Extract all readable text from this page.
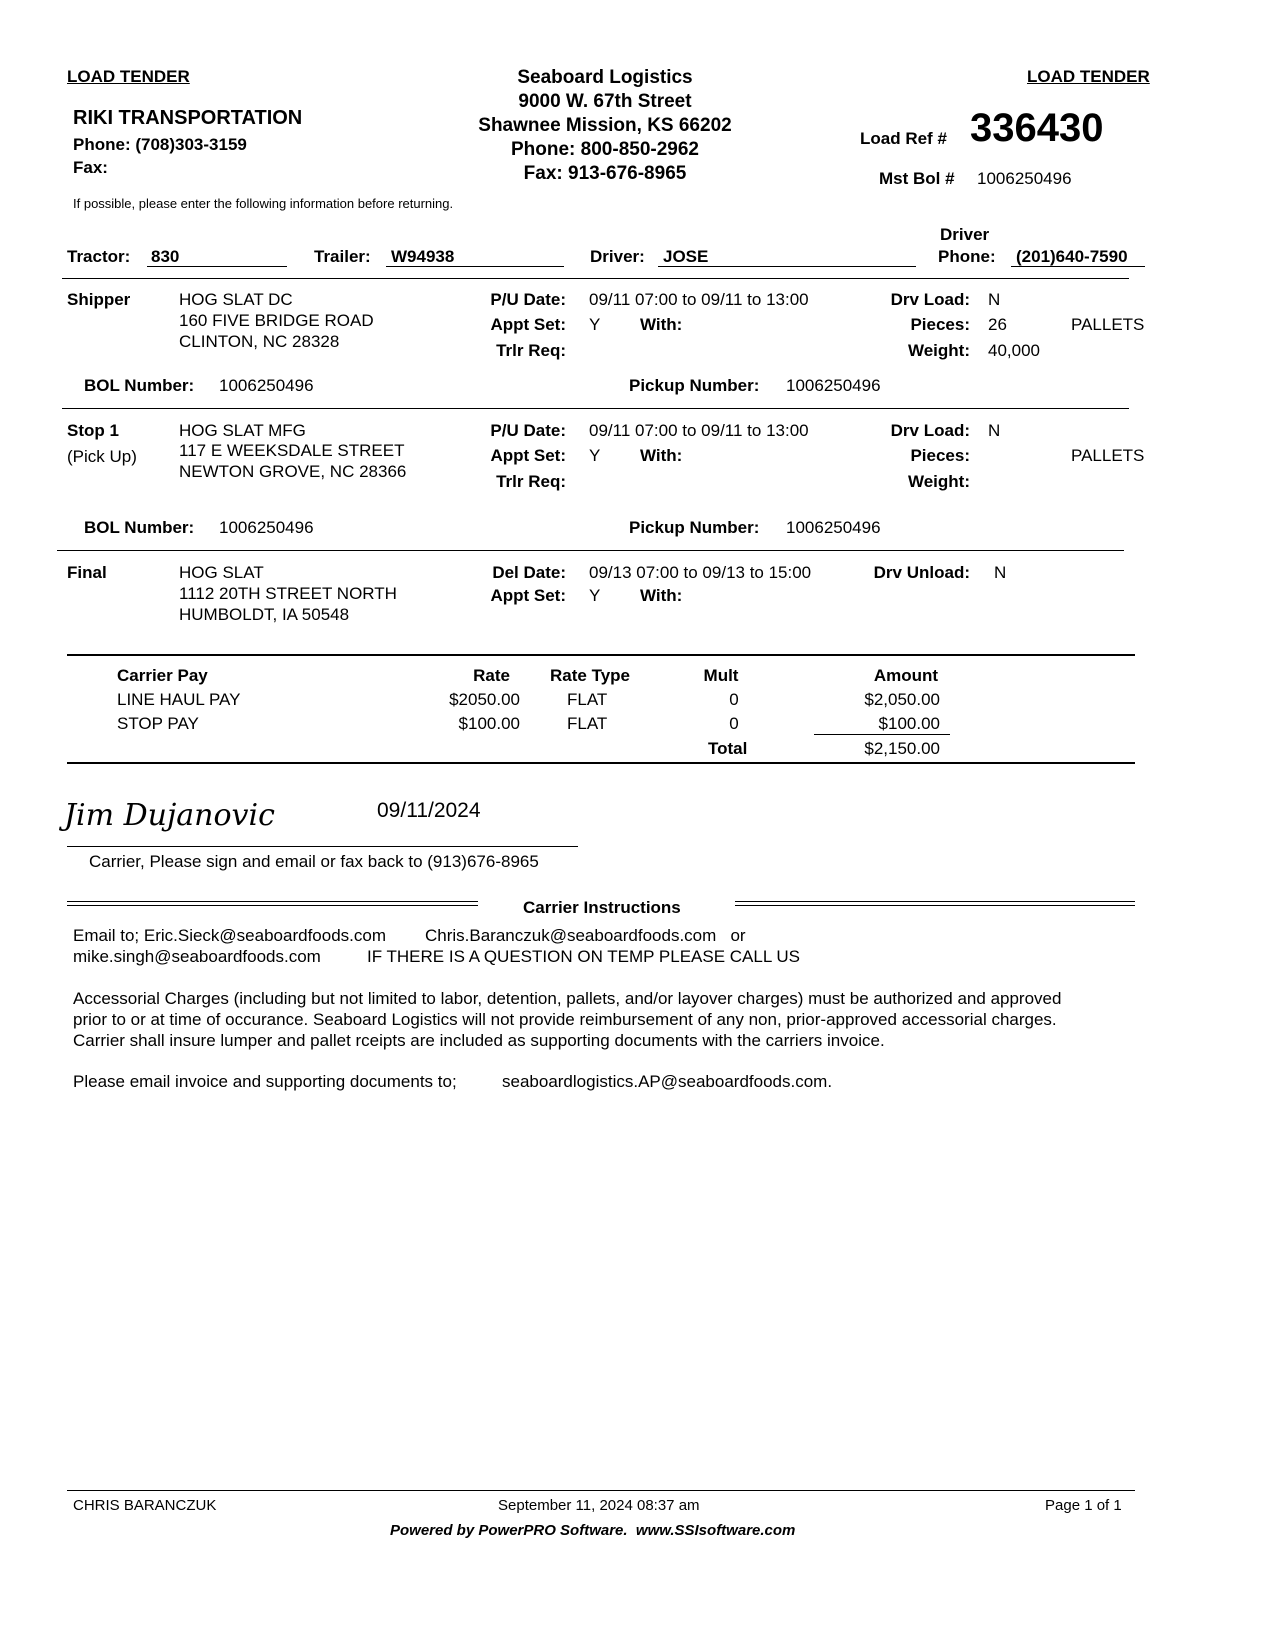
LOAD TENDER	LOAD TENDER
RIKI TRANSPORTATION
Phone: (708)303-3159
Fax:
Seaboard Logistics
9000 W. 67th Street
Shawnee Mission, KS 66202
Phone: 800-850-2962
Fax: 913-676-8965
Load Ref # 336430
Mst Bol # 1006250496
If possible, please enter the following information before returning.
Tractor: 830	Trailer: W94938	Driver: JOSE
Driver
Phone: (201)640-7590
Shipper	HOG SLAT DC
160 FIVE BRIDGE ROAD
CLINTON, NC 28328
P/U Date: 09/11 07:00 to 09/11 to 13:00
Appt Set: Y With:
Trlr Req:
Drv Load: N
Pieces: 26	PALLETS
Weight: 40,000
BOL Number: 1006250496	Pickup Number: 1006250496
Stop 1
(Pick Up)
HOG SLAT MFG
117 E WEEKSDALE STREET
NEWTON GROVE, NC 28366
P/U Date: 09/11 07:00 to 09/11 to 13:00
Appt Set: Y With:
Trlr Req:
Drv Load: N
Pieces:	PALLETS
Weight:
BOL Number: 1006250496	Pickup Number: 1006250496
Final	HOG SLAT
1112 20TH STREET NORTH
HUMBOLDT, IA 50548
Del Date: 09/13 07:00 to 09/13 to 15:00
Appt Set: Y With:
Drv Unload: N
Carrier Pay	Rate Rate Type	Mult	Amount
LINE HAUL PAY	$2050.00	FLAT	0	$2,050.00
STOP PAY	$100.00	FLAT	0	$100.00
Total	$2,150.00
Jim Dujanovic	09/11/2024
Carrier, Please sign and email or fax back to (913)676-8965
Carrier Instructions
Email to; Eric.Sieck@seaboardfoods.com Chris.Baranczuk@seaboardfoods.com   or
mike.singh@seaboardfoods.com	IF THERE IS A QUESTION ON TEMP PLEASE CALL US
Accessorial Charges (including but not limited to labor, detention, pallets, and/or layover charges) must be authorized and approved
prior to or at time of occurance. Seaboard Logistics will not provide reimbursement of any non, prior-approved accessorial charges.
Carrier shall insure lumper and pallet rceipts are included as supporting documents with the carriers invoice.
Please email invoice and supporting documents to;	seaboardlogistics.AP@seaboardfoods.com.
CHRIS BARANCZUK	September 11, 2024 08:37 am	Page 1 of 1
Powered by PowerPRO Software.  www.SSIsoftware.com
